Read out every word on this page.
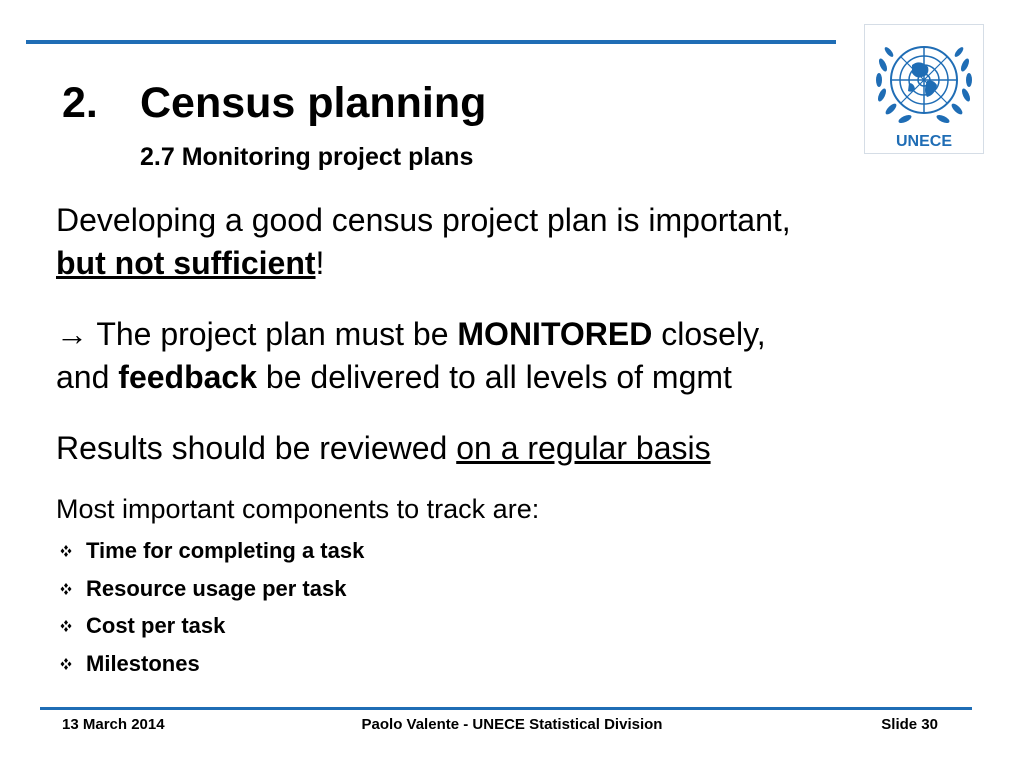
UNECE
2. Census planning
2.7 Monitoring project plans
Developing a good census project plan is important,
but not sufficient!
→ The project plan must be MONITORED closely,
and feedback be delivered to all levels of mgmt
Results should be reviewed on a regular basis
Most important components to track are:
Time for completing a task
Resource usage per task
Cost per task
Milestones
13 March 2014	Paolo Valente - UNECE Statistical Division	Slide 30
